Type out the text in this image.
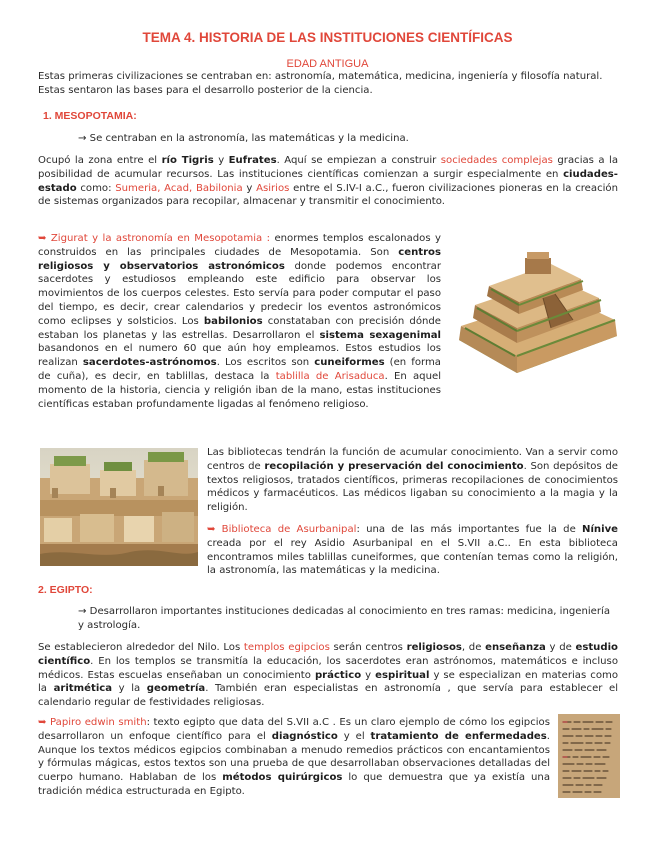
TEMA 4. HISTORIA DE LAS INSTITUCIONES CIENTÍFICAS
EDAD ANTIGUA

Estas primeras civilizaciones se centraban en: astronomía, matemática, medicina, ingeniería y filosofía natural. Estas sentaron las bases para el desarrollo posterior de la ciencia.

1. MESOPOTAMIA:

→ Se centraban en la astronomía, las matemáticas y la medicina.

Ocupó la zona entre el río Tigris y Eufrates. Aquí se empiezan a construir sociedades complejas gracias a la posibilidad de acumular recursos. Las instituciones científicas comienzan a surgir especialmente en ciudades-estado como: Sumeria, Acad, Babilonia y Asirios entre el S.IV-I a.C., fueron civilizaciones pioneras en la creación de sistemas organizados para recopilar, almacenar y transmitir el conocimiento.

➥ Zigurat y la astronomía en Mesopotamia : enormes templos escalonados y construidos en las principales ciudades de Mesopotamia. Son centros religiosos y observatorios astronómicos donde podemos encontrar sacerdotes y estudiosos empleando este edificio para observar los movimientos de los cuerpos celestes. Esto servía para poder computar el paso del tiempo, es decir, crear calendarios y predecir los eventos astronómicos como eclipses y solsticios. Los babilonios constataban con precisión dónde estaban los planetas y las estrellas. Desarrollaron el sistema sexagenimal basandonos en el numero 60 que aún hoy empleamos. Estos estudios los realizan sacerdotes-astrónomos. Los escritos son cuneiformes (en forma de cuña), es decir, en tablillas, destaca la tablilla de Arisaduca. En aquel momento de la historia, ciencia y religión iban de la mano, estas instituciones científicas estaban profundamente ligadas al fenómeno religioso.

Las bibliotecas tendrán la función de acumular conocimiento. Van a servir como centros de recopilación y preservación del conocimiento. Son depósitos de textos religiosos, tratados científicos, primeras recopilaciones de conocimientos médicos y farmacéuticos. Las médicos ligaban su conocimiento a la magia y la religión.

➥ Biblioteca de Asurbanipal: una de las más importantes fue la de Nínive creada por el rey Asidio Asurbanipal en el S.VII a.C.. En esta biblioteca encontramos miles tablillas cuneiformes, que contenían temas como la religión, la astronomía, las matemáticas y la medicina.

2. EGIPTO:

→ Desarrollaron importantes instituciones dedicadas al conocimiento en tres ramas: medicina, ingeniería y astrología.

Se establecieron alrededor del Nilo. Los templos egipcios serán centros religiosos, de enseñanza y de estudio científico. En los templos se transmitía la educación, los sacerdotes eran astrónomos, matemáticos e incluso médicos. Estas escuelas enseñaban un conocimiento práctico y espiritual y se especializan en materias como la aritmética y la geometría. También eran especialistas en astronomía , que servía para establecer el calendario regular de festividades religiosas.

➥ Papiro edwin smith: texto egipto que data del S.VII a.C . Es un claro ejemplo de cómo los egipcios desarrollaron un enfoque científico para el diagnóstico y el tratamiento de enfermedades. Aunque los textos médicos egipcios combinaban a menudo remedios prácticos con encantamientos y fórmulas mágicas, estos textos son una prueba de que desarrollaban observaciones detalladas del cuerpo humano. Hablaban de los métodos quirúrgicos lo que demuestra que ya existía una tradición médica estructurada en Egipto.
